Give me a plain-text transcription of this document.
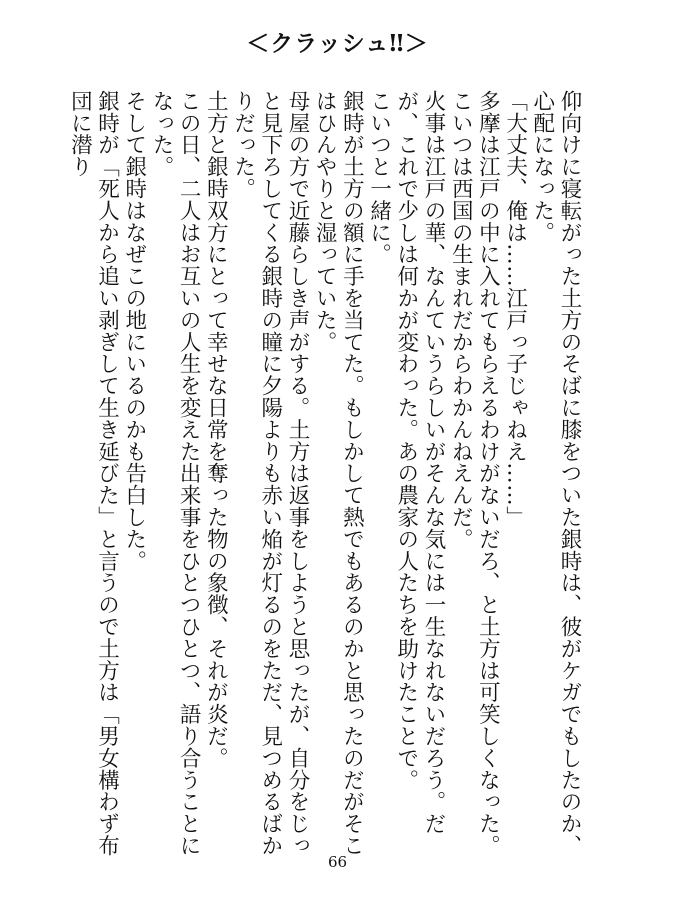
＜クラッシュ‼＞

仰向けに寝転がった土方のそばに膝をついた銀時は、彼がケガでもしたのか、心配になった。

「大丈夫、俺は……江戸っ子じゃねえ……」

多摩は江戸の中に入れてもらえるわけがないだろ、と土方は可笑しくなった。こいつは西国の生まれだからわかんねえんだ。

火事は江戸の華、なんていうらしいがそんな気には一生なれないだろう。だが、これで少しは何かが変わった。あの農家の人たちを助けたことで。

こいつと一緒に。

銀時が土方の額に手を当てた。もしかして熱でもあるのかと思ったのだがそこはひんやりと湿っていた。

母屋の方で近藤らしき声がする。土方は返事をしようと思ったが、自分をじっと見下ろしてくる銀時の瞳に夕陽よりも赤い焔が灯るのをただ、見つめるばかりだった。

土方と銀時双方にとって幸せな日常を奪った物の象徴、それが炎だ。

この日、二人はお互いの人生を変えた出来事をひとつひとつ、語り合うことになった。

そして銀時はなぜこの地にいるのかも告白した。

銀時が「死人から追い剥ぎして生き延びた」と言うので土方は「男女構わず布団に潜り

66
